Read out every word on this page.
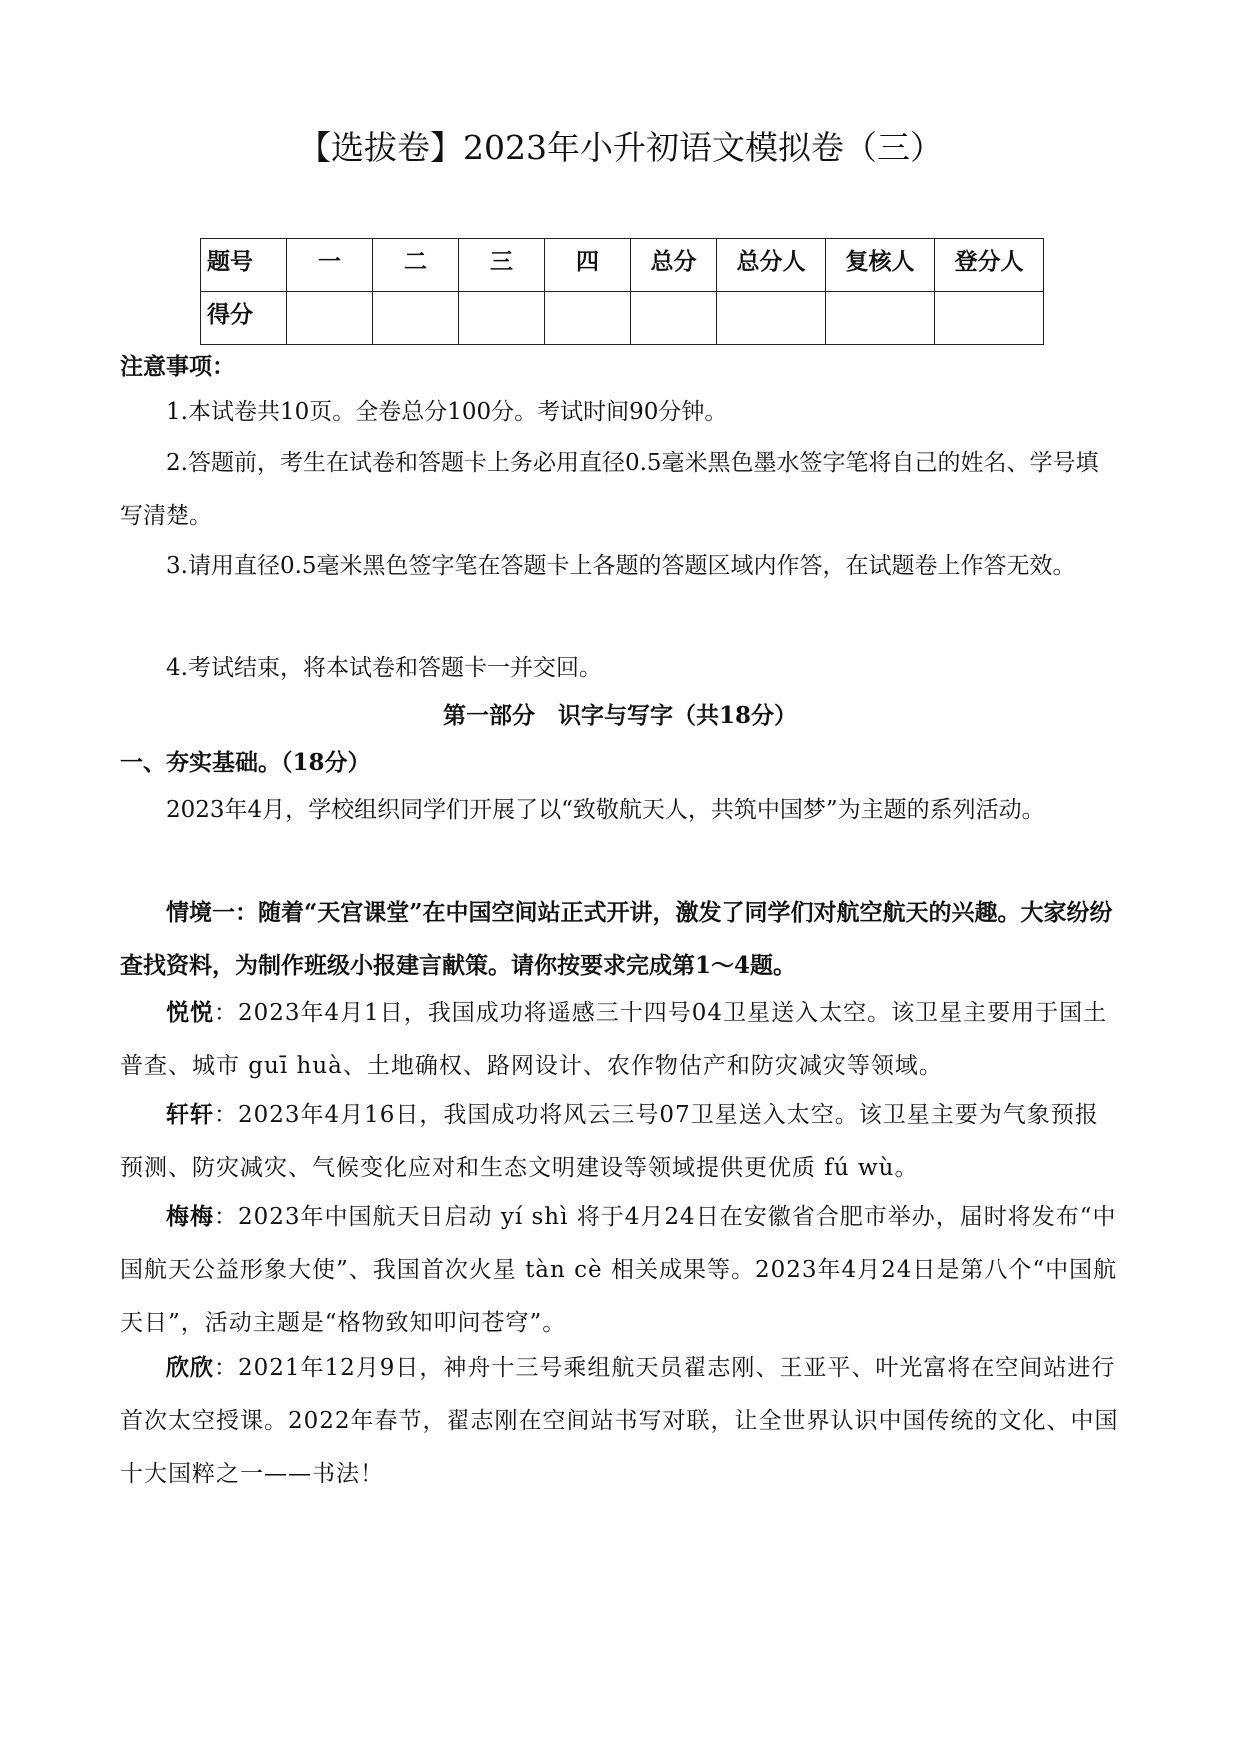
【选拔卷】2023年小升初语文模拟卷（三）
题号	一	二	三	四	总分	总分人	复核人	登分人
得分								

注意事项：

1.本试卷共10页。全卷总分100分。考试时间90分钟。

2.答题前，考生在试卷和答题卡上务必用直径0.5毫米黑色墨水签字笔将自己的姓名、学号填写清楚。

3.请用直径0.5毫米黑色签字笔在答题卡上各题的答题区域内作答，在试题卷上作答无效。

4.考试结束，将本试卷和答题卡一并交回。

第一部分　识字与写字（共18分）

一、夯实基础。（18分）

2023年4月，学校组织同学们开展了以“致敬航天人，共筑中国梦”为主题的系列活动。

情境一：随着“天宫课堂”在中国空间站正式开讲，激发了同学们对航空航天的兴趣。大家纷纷查找资料，为制作班级小报建言献策。请你按要求完成第1～4题。

悦悦：2023年4月1日，我国成功将遥感三十四号04卫星送入太空。该卫星主要用于国土普查、城市 guī huà、土地确权、路网设计、农作物估产和防灾减灾等领域。

轩轩：2023年4月16日，我国成功将风云三号07卫星送入太空。该卫星主要为气象预报预测、防灾减灾、气候变化应对和生态文明建设等领域提供更优质 fú wù。

梅梅：2023年中国航天日启动 yí shì 将于4月24日在安徽省合肥市举办，届时将发布“中国航天公益形象大使”、我国首次火星 tàn cè 相关成果等。2023年4月24日是第八个“中国航天日”，活动主题是“格物致知叩问苍穹”。

欣欣：2021年12月9日，神舟十三号乘组航天员翟志刚、王亚平、叶光富将在空间站进行首次太空授课。2022年春节，翟志刚在空间站书写对联，让全世界认识中国传统的文化、中国十大国粹之一——书法！
